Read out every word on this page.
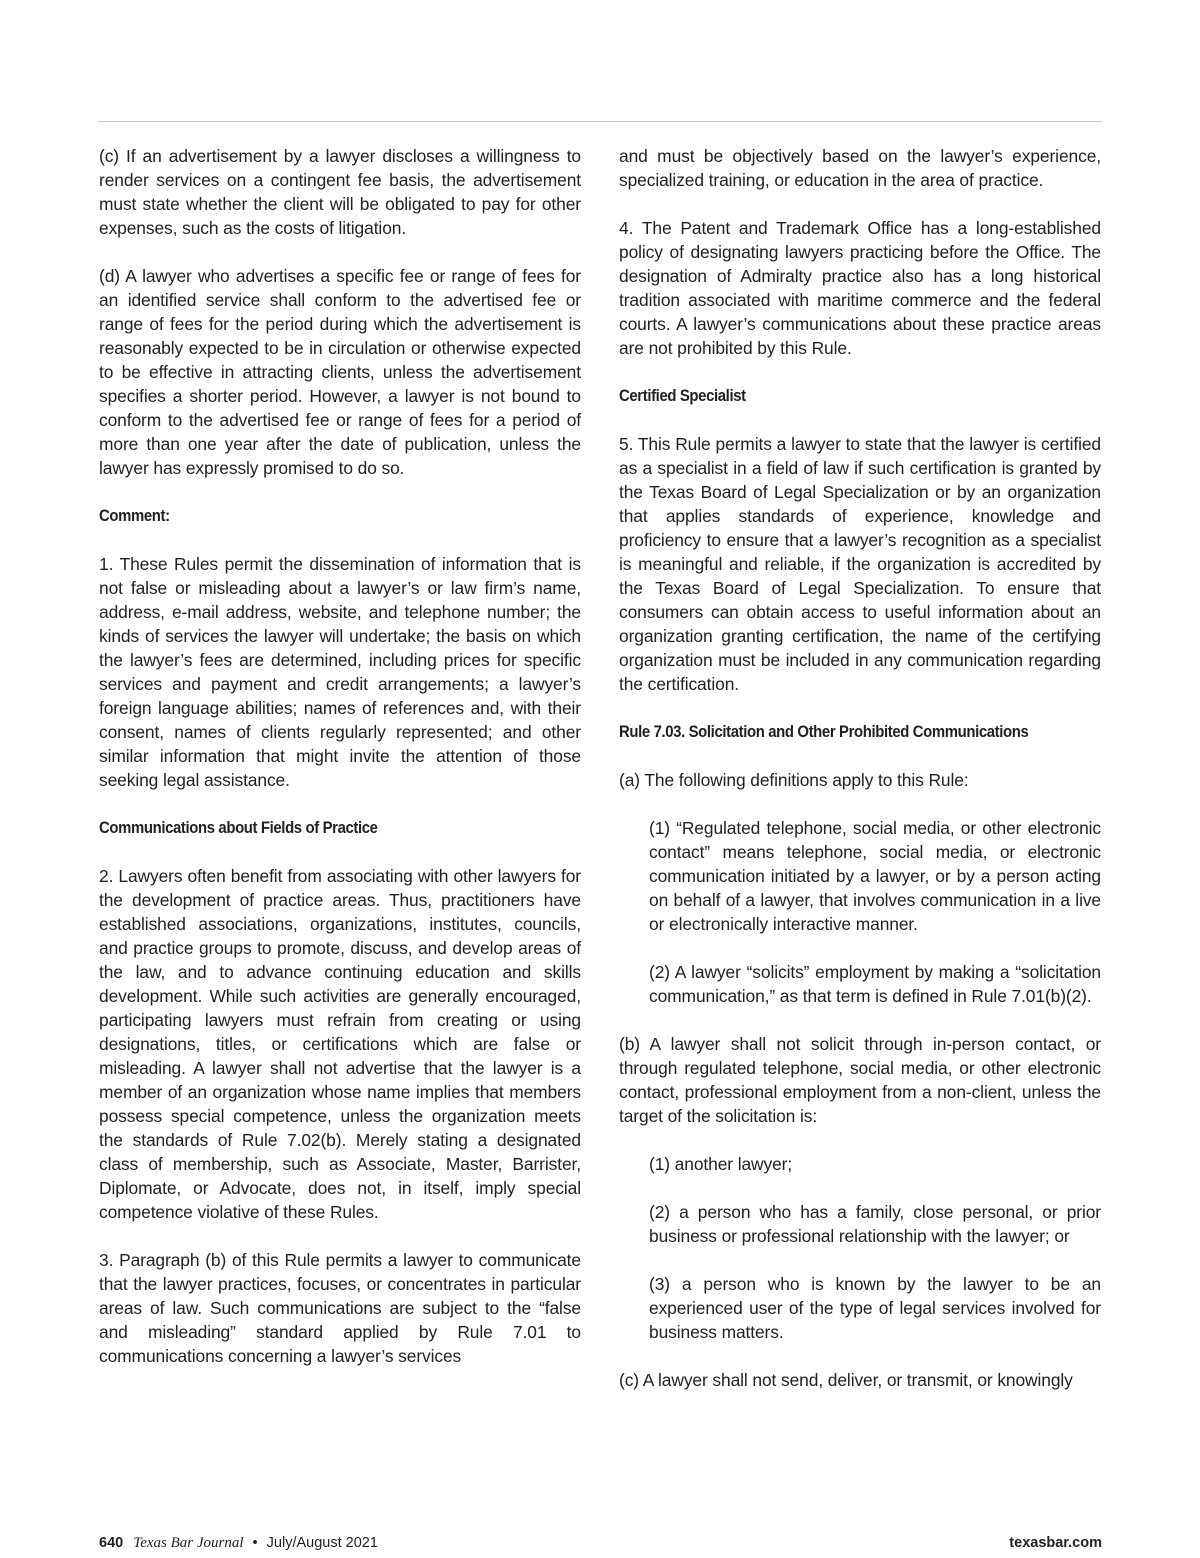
(c) If an advertisement by a lawyer discloses a willingness to render services on a contingent fee basis, the advertisement must state whether the client will be obligated to pay for other expenses, such as the costs of litigation.

(d) A lawyer who advertises a specific fee or range of fees for an identified service shall conform to the advertised fee or range of fees for the period during which the advertisement is reasonably expected to be in circulation or otherwise expected to be effective in attracting clients, unless the advertisement specifies a shorter period. However, a lawyer is not bound to conform to the advertised fee or range of fees for a period of more than one year after the date of publication, unless the lawyer has expressly promised to do so.

Comment:

1. These Rules permit the dissemination of information that is not false or misleading about a lawyer’s or law firm’s name, address, e-mail address, website, and telephone number; the kinds of services the lawyer will undertake; the basis on which the lawyer’s fees are determined, including prices for specific services and payment and credit arrangements; a lawyer’s foreign language abilities; names of references and, with their consent, names of clients regularly represented; and other similar information that might invite the attention of those seeking legal assistance.

Communications about Fields of Practice

2. Lawyers often benefit from associating with other lawyers for the development of practice areas. Thus, practitioners have established associations, organizations, institutes, councils, and practice groups to promote, discuss, and develop areas of the law, and to advance continuing education and skills development. While such activities are generally encouraged, participating lawyers must refrain from creating or using designations, titles, or certifications which are false or misleading. A lawyer shall not advertise that the lawyer is a member of an organization whose name implies that members possess special competence, unless the organization meets the standards of Rule 7.02(b). Merely stating a designated class of membership, such as Associate, Master, Barrister, Diplomate, or Advocate, does not, in itself, imply special competence violative of these Rules.

3. Paragraph (b) of this Rule permits a lawyer to communicate that the lawyer practices, focuses, or concentrates in particular areas of law. Such communications are subject to the “false and misleading” standard applied by Rule 7.01 to communications concerning a lawyer’s services

and must be objectively based on the lawyer’s experience, specialized training, or education in the area of practice.

4. The Patent and Trademark Office has a long-established policy of designating lawyers practicing before the Office. The designation of Admiralty practice also has a long historical tradition associated with maritime commerce and the federal courts. A lawyer’s communications about these practice areas are not prohibited by this Rule.

Certified Specialist

5. This Rule permits a lawyer to state that the lawyer is certified as a specialist in a field of law if such certification is granted by the Texas Board of Legal Specialization or by an organization that applies standards of experience, knowledge and proficiency to ensure that a lawyer’s recognition as a specialist is meaningful and reliable, if the organization is accredited by the Texas Board of Legal Specialization. To ensure that consumers can obtain access to useful information about an organization granting certification, the name of the certifying organization must be included in any communication regarding the certification.

Rule 7.03. Solicitation and Other Prohibited Communications

(a) The following definitions apply to this Rule:

(1) “Regulated telephone, social media, or other electronic contact” means telephone, social media, or electronic communication initiated by a lawyer, or by a person acting on behalf of a lawyer, that involves communication in a live or electronically interactive manner.

(2) A lawyer “solicits” employment by making a “solicitation communication,” as that term is defined in Rule 7.01(b)(2).

(b) A lawyer shall not solicit through in-person contact, or through regulated telephone, social media, or other electronic contact, professional employment from a non-client, unless the target of the solicitation is:

(1) another lawyer;

(2) a person who has a family, close personal, or prior business or professional relationship with the lawyer; or

(3) a person who is known by the lawyer to be an experienced user of the type of legal services involved for business matters.

(c) A lawyer shall not send, deliver, or transmit, or knowingly

640 Texas Bar Journal • July/August 2021	texasbar.com
